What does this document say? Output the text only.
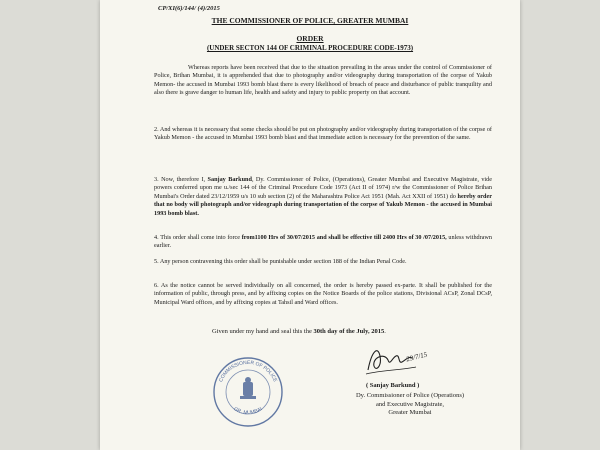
CP/XI(6)/144/ (4)/2015
THE COMMISSIONER OF POLICE, GREATER MUMBAI
ORDER
(UNDER SECTON 144 OF CRIMINAL PROCEDURE CODE-1973)
Whereas reports have been received that due to the situation prevailing in the areas under the control of Commissioner of Police, Brihan Mumbai, it is apprehended that due to photography and/or videography during transportation of the corpse of Yakub Memon- the accused in Mumbai 1993 bomb blast there is every likelihood of breach of peace and disturbance of public tranquility and also there is grave danger to human life, health and safety and injury to public property on that account.
2. And whereas it is necessary that some checks should be put on photography and/or videography during transportation of the corpse of Yakub Memon - the accused in Mumbai 1993 bomb blast and that immediate action is necessary for the prevention of the same.
3. Now, therefore I, Sanjay Barkund, Dy. Commissioner of Police, (Operations), Greater Mumbai and Executive Magistrate, vide powers conferred upon me u./sec 144 of the Criminal Procedure Code 1973 (Act II of 1974) r/w the Commissioner of Police Brihan Mumbai's Order dated 23/12/1959 u/s 10 sub section (2) of the Maharashtra Police Act 1951 (Mah. Act XXII of 1951) do hereby order that no body will photograph and/or videograph during transportation of the corpse of Yakub Memon - the accused in Mumbai 1993 bomb blast.
4. This order shall come into force from1100 Hrs of 30/07/2015 and shall be effective till 2400 Hrs of 30 /07/2015, unless withdrawn earlier.
5. Any person contravening this order shall be punishable under section 188 of the Indian Penal Code.
6. As the notice cannot be served individually on all concerned, the order is hereby passed ex-parte. It shall be published for the information of public, through press, and by affixing copies on the Notice Boards of the police stations, Divisional ACsP, Zonal DCsP, Municipal Ward offices, and by affixing copies at Tahsil and Ward offices.
Given under my hand and seal this the 30th day of the July, 2015.
29/7/15
( Sanjay Barkund )
Dy. Commissioner of Police (Operations)
and Executive Magistrate,
Greater Mumbai
COMMISSIONER OF POLICE
GR. MUMBAI
